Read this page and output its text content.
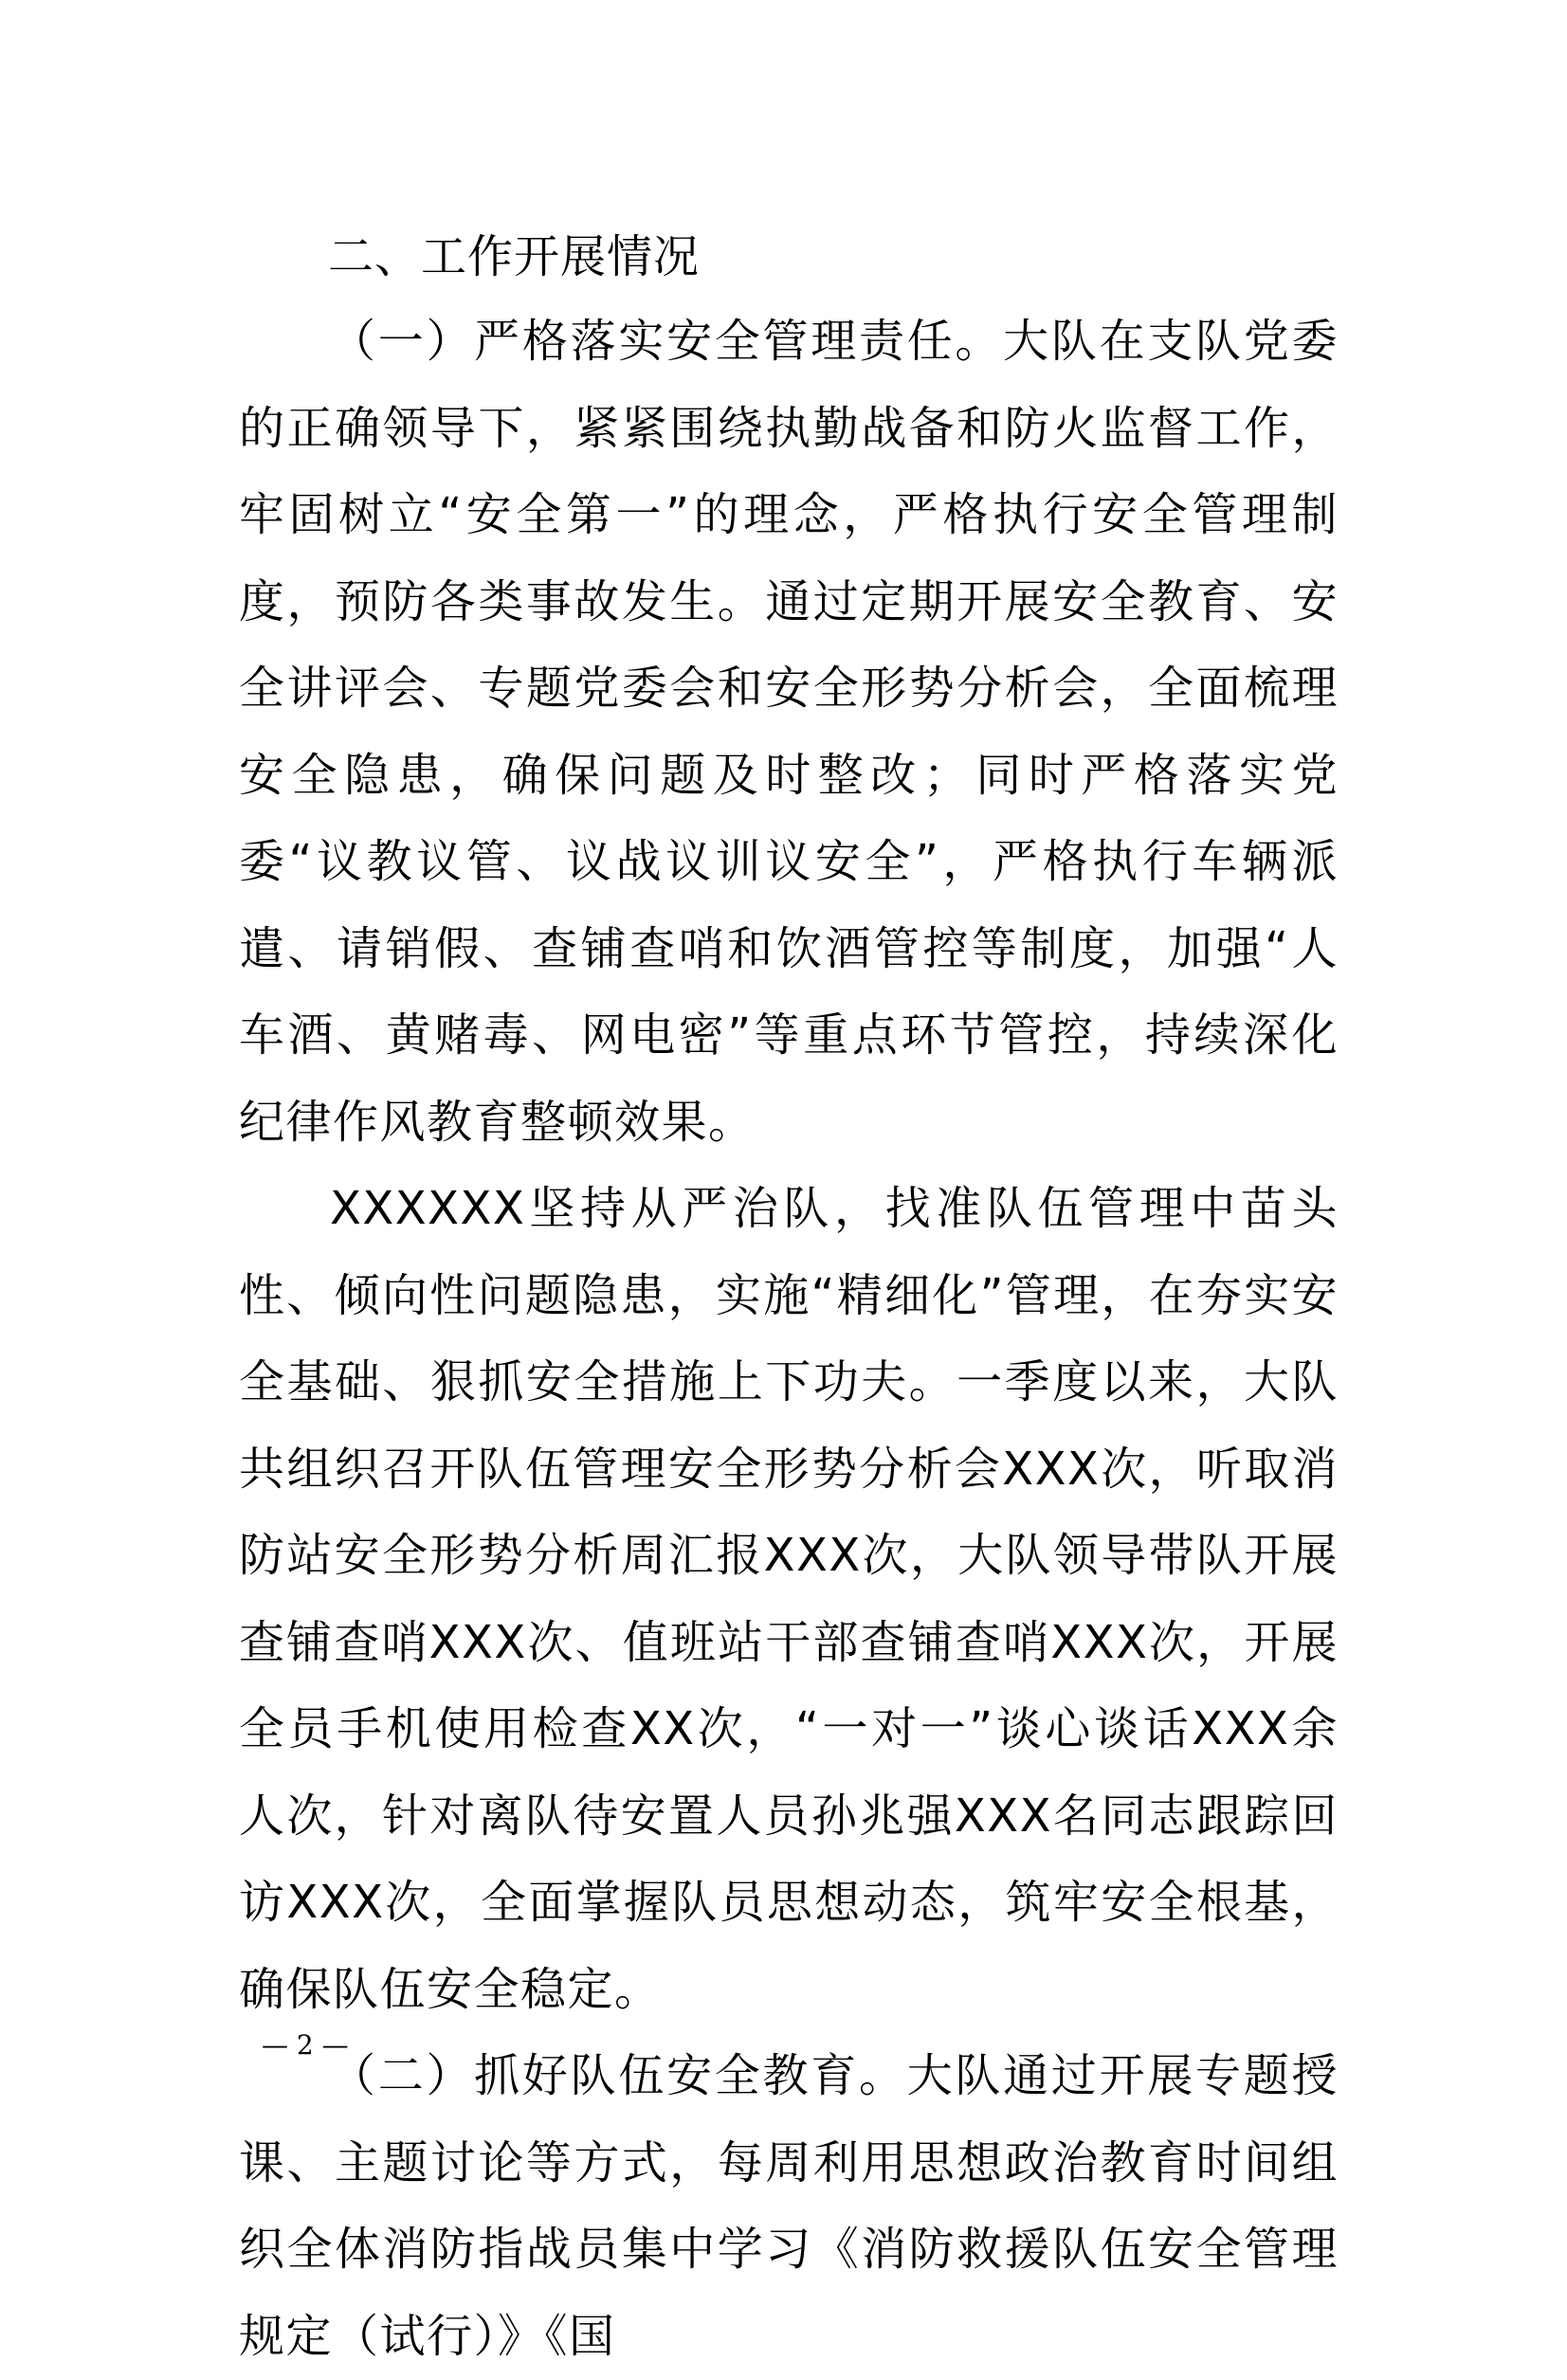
二、工作开展情况

（一）严格落实安全管理责任。大队在支队党委的正确领导下，紧紧围绕执勤战备和防火监督工作，牢固树立“安全第一”的理念，严格执行安全管理制度，预防各类事故发生。通过定期开展安全教育、安全讲评会、专题党委会和安全形势分析会，全面梳理安全隐患，确保问题及时整改；同时严格落实党委“议教议管、议战议训议安全”，严格执行车辆派遣、请销假、查铺查哨和饮酒管控等制度，加强“人车酒、黄赌毒、网电密”等重点环节管控，持续深化纪律作风教育整顿效果。

XXXXXX坚持从严治队，找准队伍管理中苗头性、倾向性问题隐患，实施“精细化”管理，在夯实安全基础、狠抓安全措施上下功夫。一季度以来，大队共组织召开队伍管理安全形势分析会XXX次，听取消防站安全形势分析周汇报XXX次，大队领导带队开展查铺查哨XXX次、值班站干部查铺查哨XXX次，开展全员手机使用检查XX次，“一对一”谈心谈话XXX余人次，针对离队待安置人员孙兆强XXX名同志跟踪回访XXX次，全面掌握队员思想动态，筑牢安全根基，确保队伍安全稳定。

（二）抓好队伍安全教育。大队通过开展专题授课、主题讨论等方式，每周利用思想政治教育时间组织全体消防指战员集中学习《消防救援队伍安全管理规定（试行）》《国

— 2 —
